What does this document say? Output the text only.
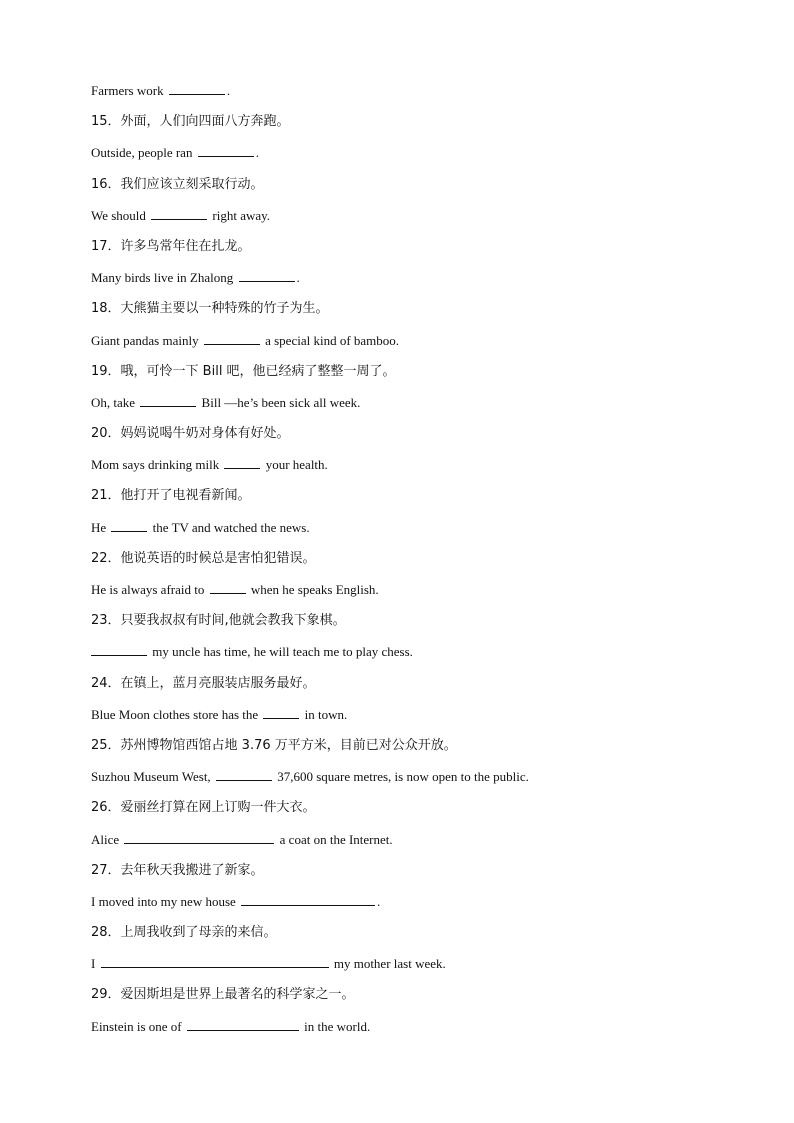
Farmers work	.
15．外面，人们向四面八方奔跑。
Outside, people ran	.
16．我们应该立刻采取行动。
We should	right away.
17．许多鸟常年住在扎龙。
Many birds live in Zhalong	.
18．大熊猫主要以一种特殊的竹子为生。
Giant pandas mainly	a special kind of bamboo.
19．哦，可怜一下 Bill 吧，他已经病了整整一周了。
Oh, take	Bill —he’s been sick all week.
20．妈妈说喝牛奶对身体有好处。
Mom says drinking milk	your health.
21．他打开了电视看新闻。
He	the TV and watched the news.
22．他说英语的时候总是害怕犯错误。
He is always afraid to	when he speaks English.
23．只要我叔叔有时间,他就会教我下象棋。
my uncle has time, he will teach me to play chess.
24．在镇上，蓝月亮服装店服务最好。
Blue Moon clothes store has the	in town.
25．苏州博物馆西馆占地 3.76 万平方米，目前已对公众开放。
Suzhou Museum West,	37,600 square metres, is now open to the public.
26．爱丽丝打算在网上订购一件大衣。
Alice	a coat on the Internet.
27．去年秋天我搬进了新家。
I moved into my new house	.
28．上周我收到了母亲的来信。
I	my mother last week.
29．爱因斯坦是世界上最著名的科学家之一。
Einstein is one of	in the world.
